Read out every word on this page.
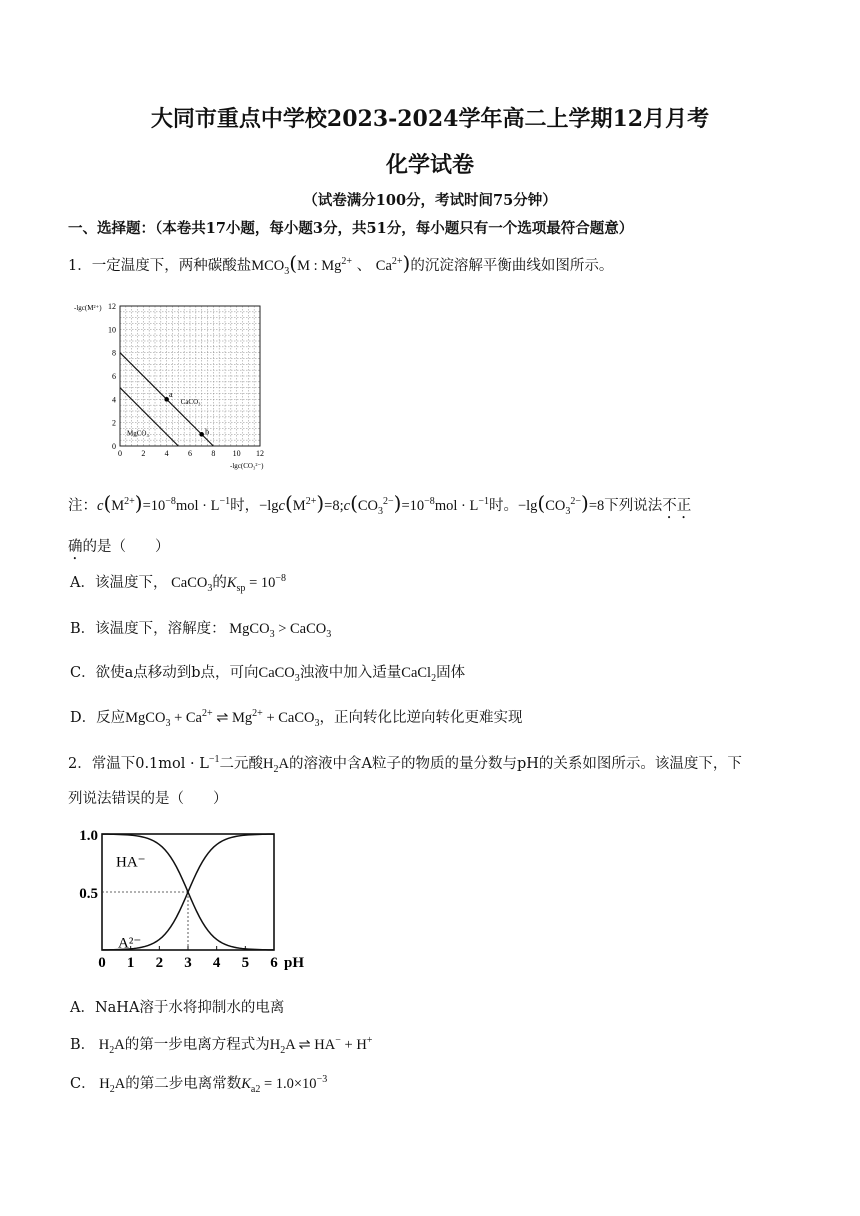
大同市重点中学校2023-2024学年高二上学期12月月考
化学试卷
（试卷满分100分，考试时间75分钟）
一、选择题：（本卷共17小题，每小题3分，共51分，每小题只有一个选项最符合题意）
1．一定温度下，两种碳酸盐$MCO_3(M$ : $Mg^{2+}$ 、 $Ca^{2+}$)的沉淀溶解平衡曲线如图所示。
0
2
4
6
8
10
12
0 2 4 6 8 10 12
-lgc(M²⁺)
-lgc(CO₃²⁻)
CaCO₃
MgCO₃
a
b
注：$c(M^{2+})=10^{-8}mol \cdot L^{-1}$时，$-\lg c(M^{2+})=8;c(CO_3^{2-})=10^{-8}mol \cdot L^{-1}$时。$-\lg(CO_3^{2-})=8$下列说法不正
确的是（　　）
A．该温度下， CaCO$_3$的$K_{sp} = 10^{-8}$
B．该温度下，溶解度： MgCO$_3$ > CaCO$_3$
C．欲使a点移动到b点，可向CaCO$_3$浊液中加入适量CaCl$_2$固体
D．反应MgCO$_3$ + $Ca^{2+}$ ⇌ $Mg^{2+}$ + CaCO$_3$，正向转化比逆向转化更难实现
2．常温下$0.1mol \cdot L^{-1}$二元酸$H_2A$的溶液中含A粒子的物质的量分数与pH的关系如图所示。该温度下，下
列说法错误的是（　　）
0 1 2 3 4 5 6 pH
0.5
1.0
HA⁻
A²⁻
A．NaHA溶于水将抑制水的电离
B． $H_2A$的第一步电离方程式为$H_2A$ ⇌ HA− + H+
C． $H_2A$的第二步电离常数$K_{a2} = 1.0\times 10^{-3}$
